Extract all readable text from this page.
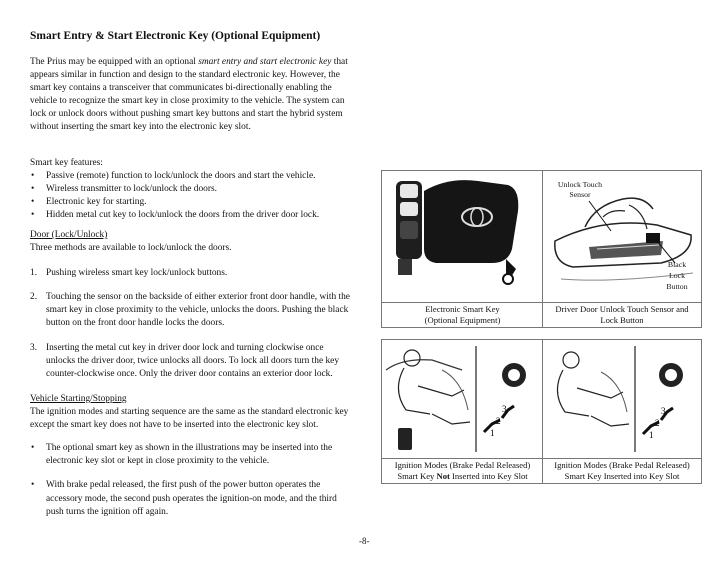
Smart Entry & Start Electronic Key (Optional Equipment)

The Prius may be equipped with an optional smart entry and start electronic key that appears similar in function and design to the standard electronic key. However, the smart key contains a transceiver that communicates bi-directionally enabling the vehicle to recognize the smart key in close proximity to the vehicle. The system can lock or unlock doors without pushing smart key buttons and start the hybrid system without inserting the smart key into the electronic key slot.

Smart key features:

• Passive (remote) function to lock/unlock the doors and start the vehicle.
• Wireless transmitter to lock/unlock the doors.
• Electronic key for starting.
• Hidden metal cut key to lock/unlock the doors from the driver door lock.

Door (Lock/Unlock)

Three methods are available to lock/unlock the doors.

1. Pushing wireless smart key lock/unlock buttons.
2. Touching the sensor on the backside of either exterior front door handle, with the smart key in close proximity to the vehicle, unlocks the doors. Pushing the black button on the front door handle locks the doors.
3. Inserting the metal cut key in driver door lock and turning clockwise once unlocks the driver door, twice unlocks all doors. To lock all doors turn the key counter-clockwise once. Only the driver door contains an exterior door lock.

Vehicle Starting/Stopping

The ignition modes and starting sequence are the same as the standard electronic key except the smart key does not have to be inserted into the electronic key slot.

• The optional smart key as shown in the illustrations may be inserted into the electronic key slot or kept in close proximity to the vehicle.
• With brake pedal released, the first push of the power button operates the accessory mode, the second push operates the ignition-on mode, and the third push turns the ignition off again.
Electronic Smart Key
(Optional Equipment)
Unlock Touch
Sensor
Black
Lock
Button
Driver Door Unlock Touch Sensor and
Lock Button
1
2
3
Ignition Modes (Brake Pedal Released)
Smart Key Not Inserted into Key Slot
1
2
3
Ignition Modes (Brake Pedal Released)
Smart Key Inserted into Key Slot
-8-
